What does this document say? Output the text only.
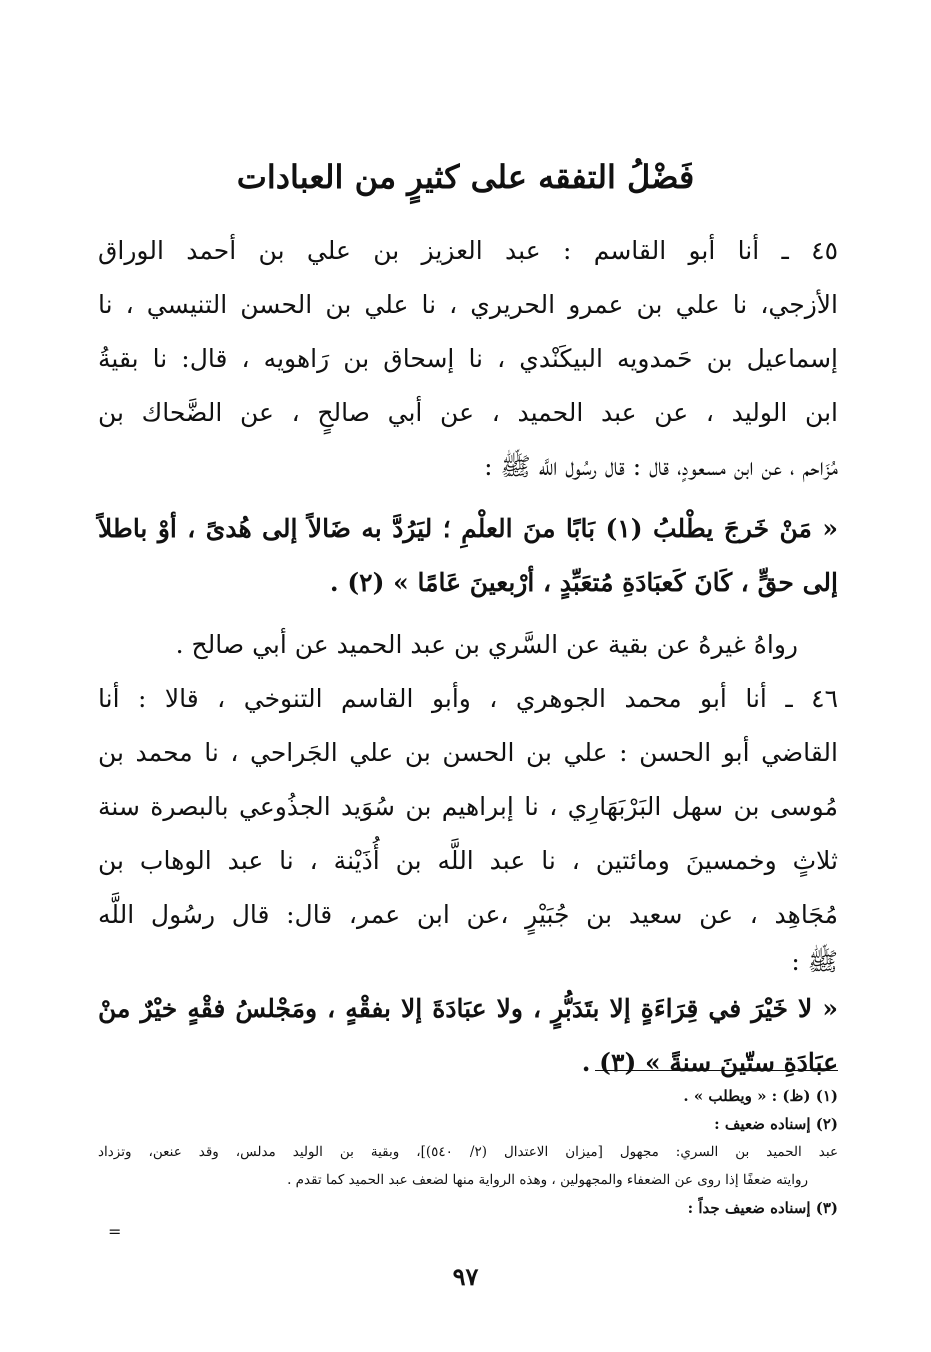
فَضْلُ التفقه على كثيرٍ من العبادات
٤٥ ـ أنا أبو القاسم : عبد العزيز بن علي بن أحمد الوراق
الأزجي، نا علي بن عمرو الحريري ، نا علي بن الحسن التنيسي ، نا
إسماعيل بن حَمدويه البيكَنْدي ، نا إسحاق بن رَاهويه ، قال: نا بقيةُ
ابن الوليد ، عن عبد الحميد ، عن أبي صالحٍ ، عن الضَّحاك بن
مُزَاحم ، عن ابن مسعودٍ، قال : قال رسُول اللَّه ﷺ :
« مَنْ خَرجَ يطْلبُ (١) بَابًا منَ العلْمِ ؛ ليَرُدَّ به ضَالاً إلى هُدىً ، أوْ باطلاً
إلى حقٍّ ، كَانَ كَعبَادَةِ مُتعَبِّدٍ ، أرْبعينَ عَامًا » (٢) .
رواهُ غيرهُ عن بقية عن السَّري بن عبد الحميد عن أبي صالح .
٤٦ ـ أنا أبو محمد الجوهري ، وأبو القاسم التنوخي ، قالا : أنا
القاضي أبو الحسن : علي بن الحسن بن علي الجَراحي ، نا محمد بن
مُوسى بن سهل البَرْبَهَارِي ، نا إبراهيم بن سُوَيد الجذُوعي بالبصرة سنة
ثلاثٍ وخمسينَ ومائتين ، نا عبد اللَّه بن أُذَيْنة ، نا عبد الوهاب بن
مُجَاهِد ، عن سعيد بن جُبَيْرٍ ،عن ابن عمر، قال: قال رسُول اللَّه
ﷺ :
« لا خَيْرَ في قِرَاءَةٍ إلا بتَدَبُّرٍ ، ولا عبَادَةَ إلا بفقْهٍ ، ومَجْلسُ فقْهٍ خيْرٌ منْ
عبَادَةِ ستّينَ سنةً » (٣) .
(١) (ظ) : « ويطلب » .
(٢) إسناده ضعيف :
عبد الحميد بن السري: مجهول [ميزان الاعتدال (٢/ ٥٤٠)]، وبقية بن الوليد مدلس، وقد عنعن، وتزداد
روايته ضعفًا إذا روى عن الضعفاء والمجهولين ، وهذه الرواية منها لضعف عبد الحميد كما تقدم .
(٣) إسناده ضعيف جداً :
=
٩٧
